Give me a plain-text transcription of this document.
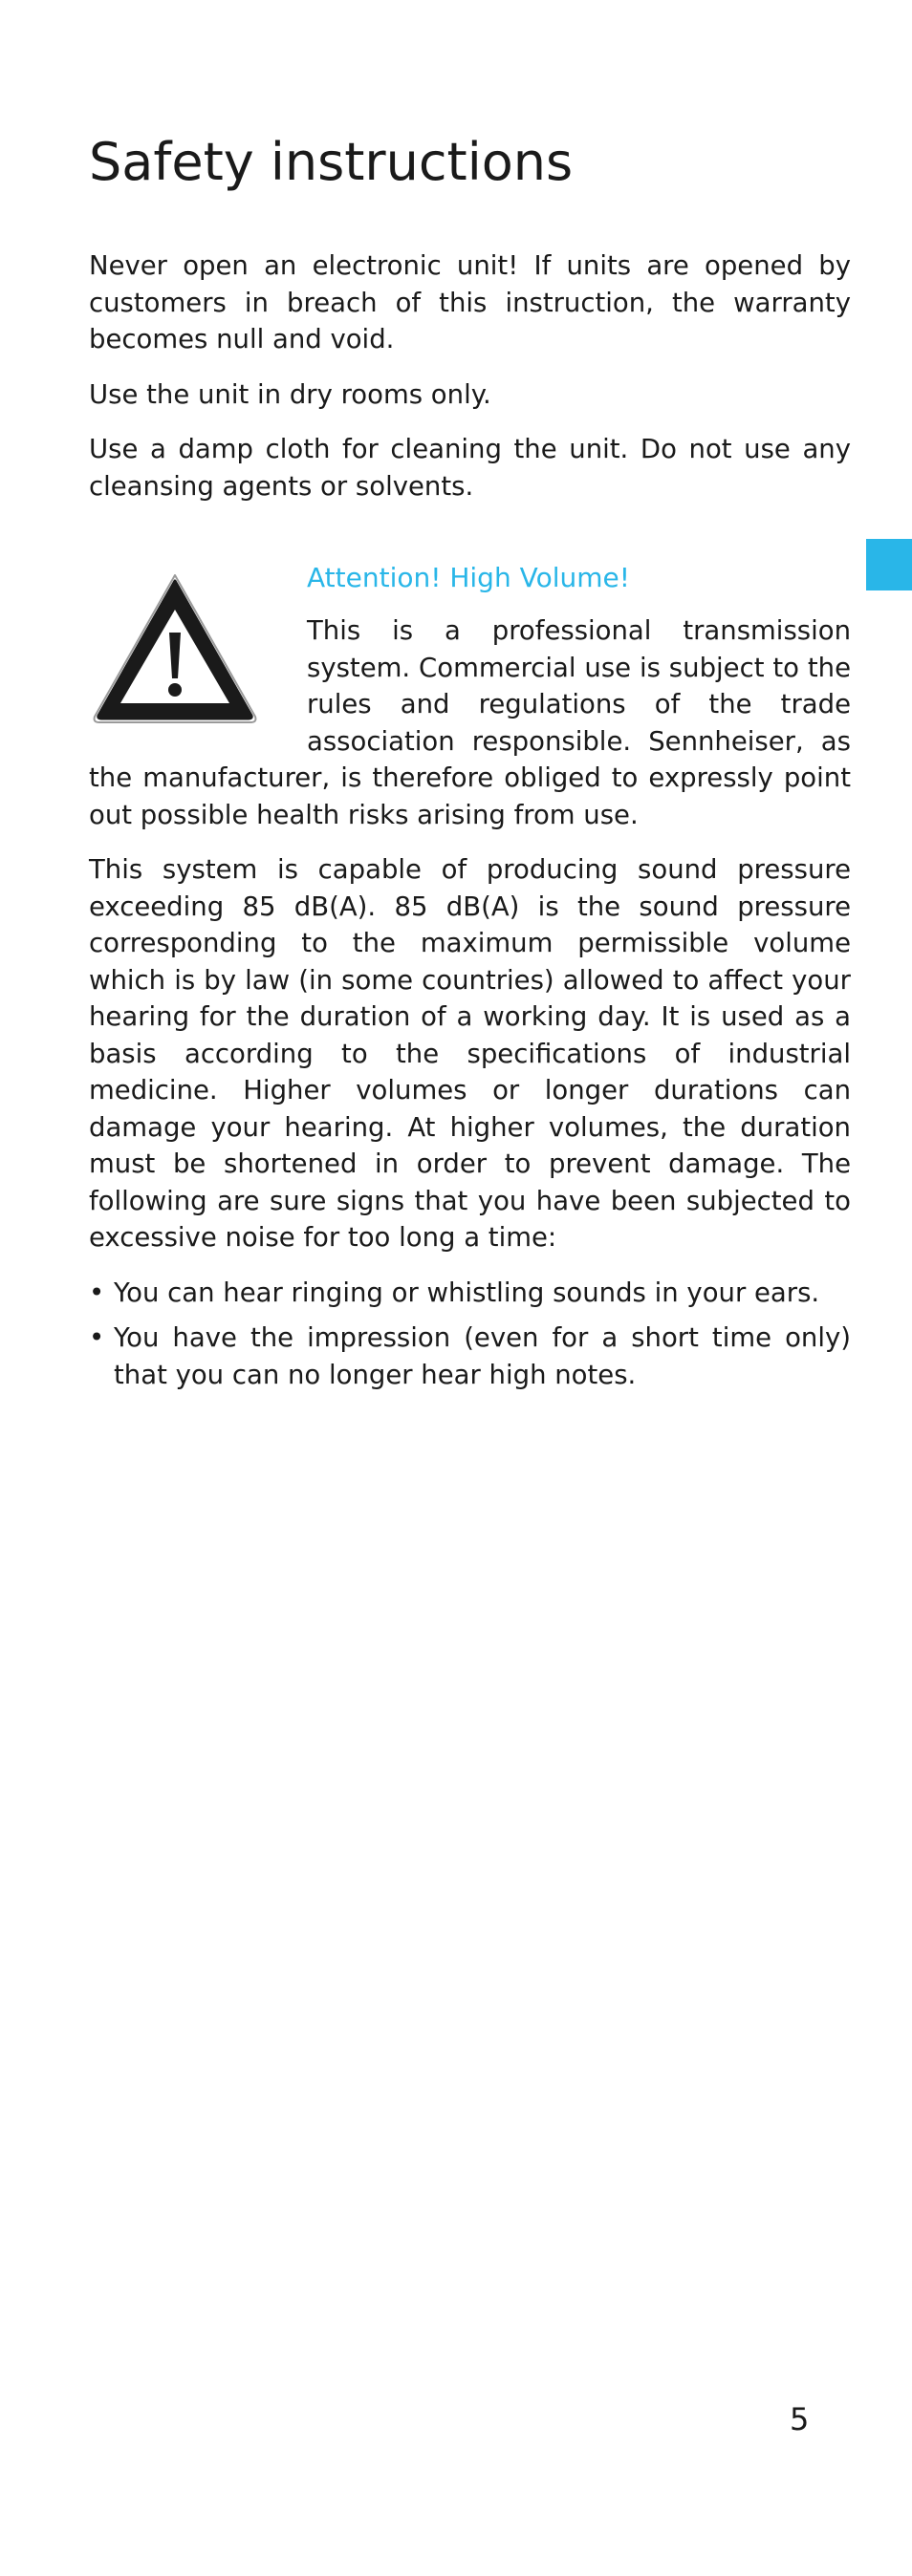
Safety instructions

Never open an electronic unit! If units are opened by customers in breach of this instruction, the warranty becomes null and void.

Use the unit in dry rooms only.

Use a damp cloth for cleaning the unit. Do not use any cleansing agents or solvents.

Attention! High Volume!

This is a professional transmission system. Commercial use is subject to the rules and regulations of the trade association responsible. Sennheiser, as the manufacturer, is therefore obliged to expressly point out possible health risks arising from use.

This system is capable of producing sound pressure exceeding 85 dB(A). 85 dB(A) is the sound pressure corresponding to the maximum permissible volume which is by law (in some countries) allowed to affect your hearing for the duration of a working day. It is used as a basis according to the specifications of industrial medicine. Higher volumes or longer durations can damage your hearing. At higher volumes, the duration must be shortened in order to prevent damage. The following are sure signs that you have been subjected to excessive noise for too long a time:

• You can hear ringing or whistling sounds in your ears.
• You have the impression (even for a short time only) that you can no longer hear high notes.
5
